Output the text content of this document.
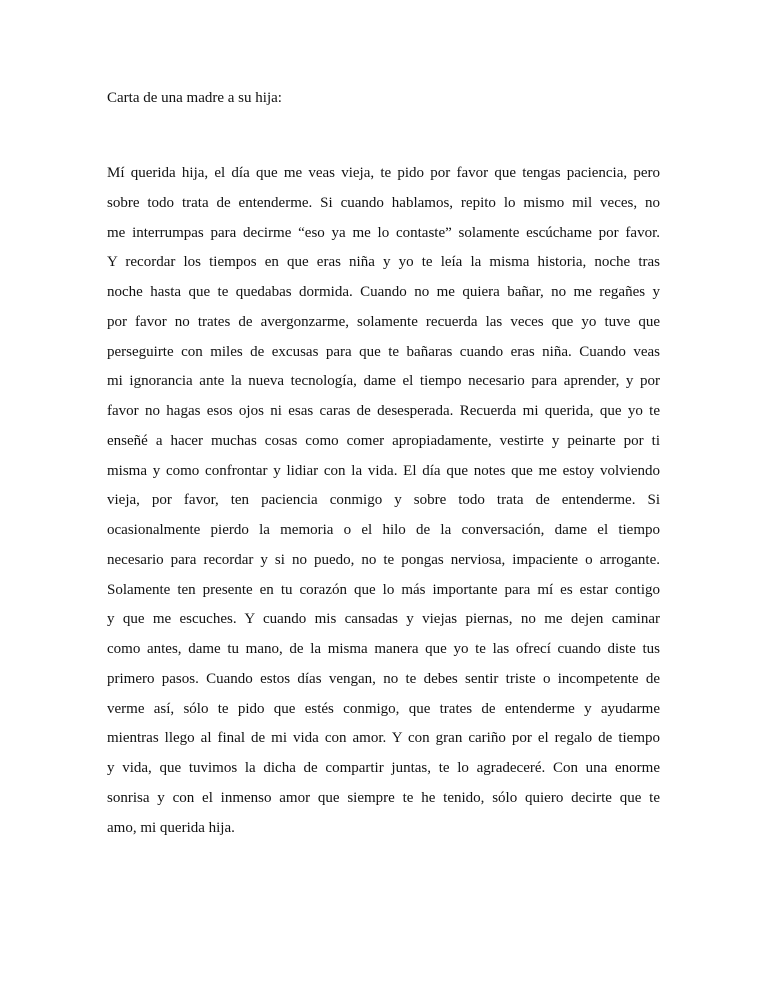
Carta de una madre a su hija:

Mí querida hija, el día que me veas vieja, te pido por favor que tengas paciencia, pero
sobre todo trata de entenderme. Si cuando hablamos, repito lo mismo mil veces, no
me interrumpas para decirme “eso ya me lo contaste” solamente escúchame por favor.
Y recordar los tiempos en que eras niña y yo te leía la misma historia, noche tras
noche hasta que te quedabas dormida. Cuando no me quiera bañar, no me regañes y
por favor no trates de avergonzarme, solamente recuerda las veces que yo tuve que
perseguirte con miles de excusas para que te bañaras cuando eras niña. Cuando veas
mi ignorancia ante la nueva tecnología, dame el tiempo necesario para aprender, y por
favor no hagas esos ojos ni esas caras de desesperada. Recuerda mi querida, que yo te
enseñé a hacer muchas cosas como comer apropiadamente, vestirte y peinarte por ti
misma y como confrontar y lidiar con la vida. El día que notes que me estoy volviendo
vieja, por favor, ten paciencia conmigo y sobre todo trata de entenderme. Si
ocasionalmente pierdo la memoria o el hilo de la conversación, dame el tiempo
necesario para recordar y si no puedo, no te pongas nerviosa, impaciente o arrogante.
Solamente ten presente en tu corazón que lo más importante para mí es estar contigo
y que me escuches. Y cuando mis cansadas y viejas piernas, no me dejen caminar
como antes, dame tu mano, de la misma manera que yo te las ofrecí cuando diste tus
primero pasos. Cuando estos días vengan, no te debes sentir triste o incompetente de
verme así, sólo te pido que estés conmigo, que trates de entenderme y ayudarme
mientras llego al final de mi vida con amor. Y con gran cariño por el regalo de tiempo
y vida, que tuvimos la dicha de compartir juntas, te lo agradeceré. Con una enorme
sonrisa y con el inmenso amor que siempre te he tenido, sólo quiero decirte que te
amo, mi querida hija.
